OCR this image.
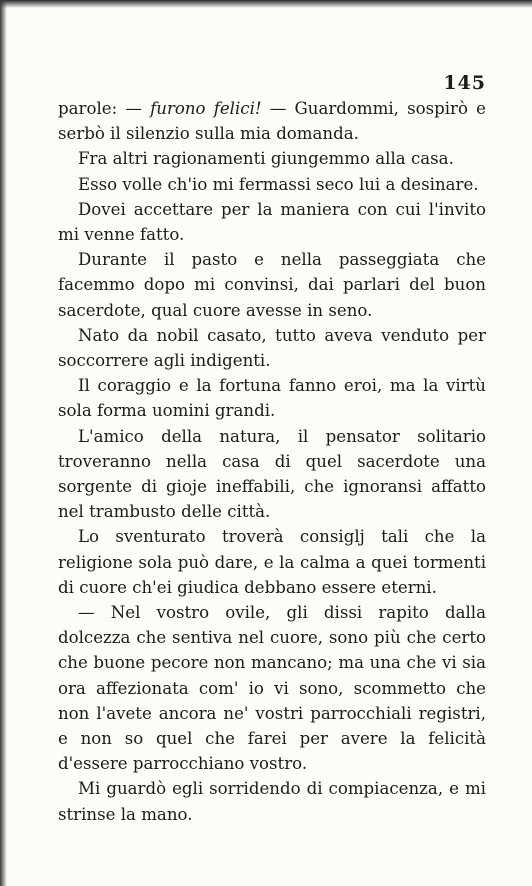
145

parole: — furono felici! — Guardommi, sospirò e serbò il silenzio sulla mia domanda.

Fra altri ragionamenti giungemmo alla casa.

Esso volle ch'io mi fermassi seco lui a desinare.

Dovei accettare per la maniera con cui l'invito mi venne fatto.

Durante il pasto e nella passeggiata che facemmo dopo mi convinsi, dai parlari del buon sacerdote, qual cuore avesse in seno.

Nato da nobil casato, tutto aveva venduto per soccorrere agli indigenti.

Il coraggio e la fortuna fanno eroi, ma la virtù sola forma uomini grandi.

L'amico della natura, il pensator solitario troveranno nella casa di quel sacerdote una sorgente di gioje ineffabili, che ignoransi affatto nel trambusto delle città.

Lo sventurato troverà consiglj tali che la religione sola può dare, e la calma a quei tormenti di cuore ch'ei giudica debbano essere eterni.

— Nel vostro ovile, gli dissi rapito dalla dolcezza che sentiva nel cuore, sono più che certo che buone pecore non mancano; ma una che vi sia ora affezionata com' io vi sono, scommetto che non l'avete ancora ne' vostri parrocchiali registri, e non so quel che farei per avere la felicità d'essere parrocchiano vostro.

Mi guardò egli sorridendo di compiacenza, e mi strinse la mano.
